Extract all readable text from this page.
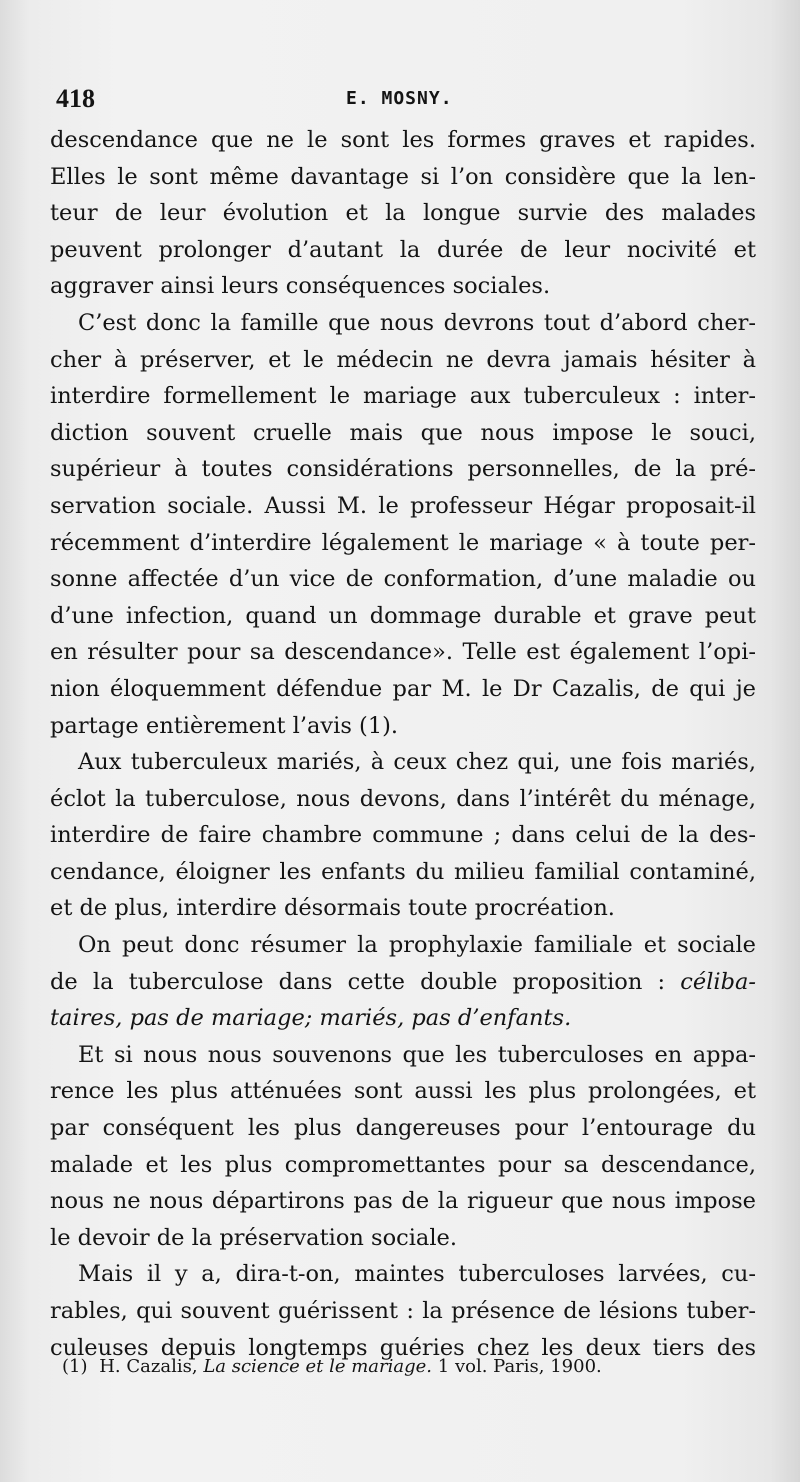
418	E. MOSNY.
descendance que ne le sont les formes graves et rapides.
Elles le sont même davantage si l’on considère que la len-
teur de leur évolution et la longue survie des malades
peuvent prolonger d’autant la durée de leur nocivité et
aggraver ainsi leurs conséquences sociales.
C’est donc la famille que nous devrons tout d’abord cher-
cher à préserver, et le médecin ne devra jamais hésiter à
interdire formellement le mariage aux tuberculeux : inter-
diction souvent cruelle mais que nous impose le souci,
supérieur à toutes considérations personnelles, de la pré-
servation sociale. Aussi M. le professeur Hégar proposait-il
récemment d’interdire légalement le mariage « à toute per-
sonne affectée d’un vice de conformation, d’une maladie ou
d’une infection, quand un dommage durable et grave peut
en résulter pour sa descendance». Telle est également l’opi-
nion éloquemment défendue par M. le Dr Cazalis, de qui je
partage entièrement l’avis (1).
Aux tuberculeux mariés, à ceux chez qui, une fois mariés,
éclot la tuberculose, nous devons, dans l’intérêt du ménage,
interdire de faire chambre commune ; dans celui de la des-
cendance, éloigner les enfants du milieu familial contaminé,
et de plus, interdire désormais toute procréation.
On peut donc résumer la prophylaxie familiale et sociale
de la tuberculose dans cette double proposition : céliba-
taires, pas de mariage; mariés, pas d’enfants.
Et si nous nous souvenons que les tuberculoses en appa-
rence les plus atténuées sont aussi les plus prolongées, et
par conséquent les plus dangereuses pour l’entourage du
malade et les plus compromettantes pour sa descendance,
nous ne nous départirons pas de la rigueur que nous impose
le devoir de la préservation sociale.
Mais il y a, dira-t-on, maintes tuberculoses larvées, cu-
rables, qui souvent guérissent : la présence de lésions tuber-
culeuses depuis longtemps guéries chez les deux tiers des
(1) H. Cazalis, La science et le mariage. 1 vol. Paris, 1900.
